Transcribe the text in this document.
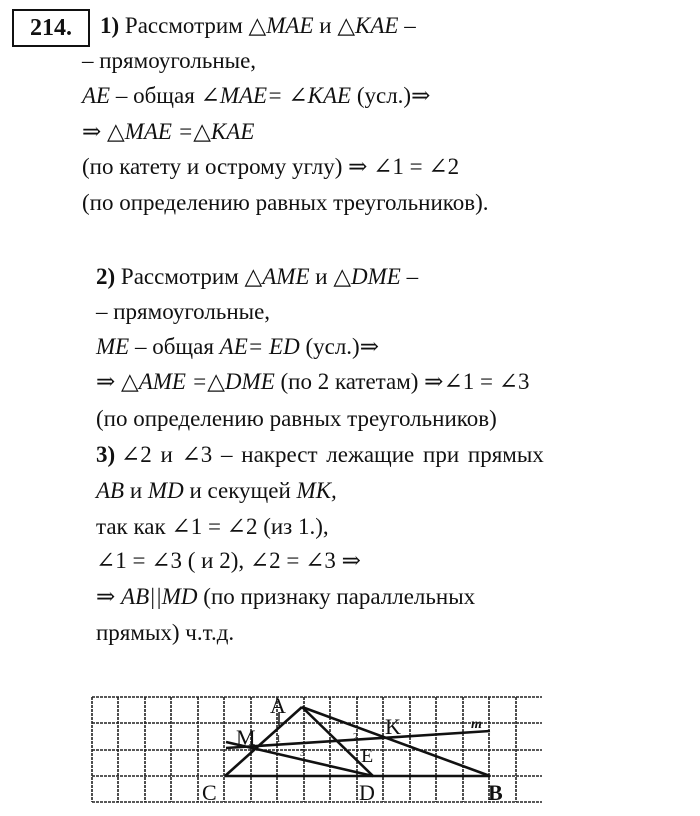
214.	1) Рассмотрим △MAE и △KAE –
– прямоугольные,
AE – общая ∠MAE= ∠KAE (усл.)⇒
⇒ △MAE =△KAE
(по катету и острому углу) ⇒ ∠1 = ∠2
(по определению равных треугольников).
2) Рассмотрим △AME и △DME –
– прямоугольные,
ME – общая AE= ED (усл.)⇒
⇒ △AME =△DME (по 2 катетам) ⇒∠1 = ∠3
(по определению равных треугольников)
3) ∠2 и ∠3 – накрест лежащие при прямых
AB и MD и секущей MK,
так как ∠1 = ∠2 (из 1.),
∠1 = ∠3 ( и 2), ∠2 = ∠3 ⇒
⇒ AB||MD (по признаку параллельных
прямых) ч.т.д.
A
M	K	m
E
C	D	B
1	2
3
